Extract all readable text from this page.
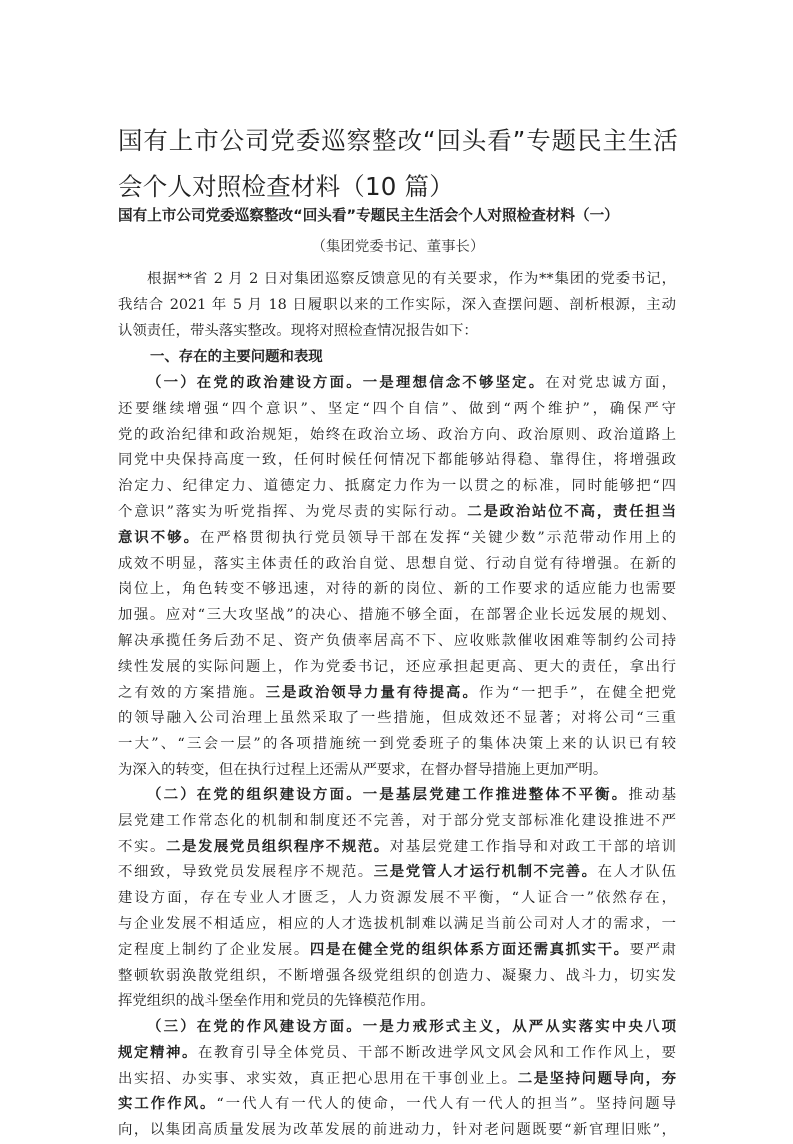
国有上市公司党委巡察整改“回头看”专题民主生活
会个人对照检查材料（10 篇）
国有上市公司党委巡察整改“回头看”专题民主生活会个人对照检查材料（一）
（集团党委书记、董事长）
根据**省 2 月 2 日对集团巡察反馈意见的有关要求，作为**集团的党委书记，
我结合 2021 年 5 月 18 日履职以来的工作实际，深入查摆问题、剖析根源，主动
认领责任，带头落实整改。现将对照检查情况报告如下：
一、存在的主要问题和表现
（一）在党的政治建设方面。一是理想信念不够坚定。在对党忠诚方面，
还要继续增强“四个意识”、坚定“四个自信”、做到“两个维护”，确保严守
党的政治纪律和政治规矩，始终在政治立场、政治方向、政治原则、政治道路上
同党中央保持高度一致，任何时候任何情况下都能够站得稳、靠得住，将增强政
治定力、纪律定力、道德定力、抵腐定力作为一以贯之的标准，同时能够把“四
个意识”落实为听党指挥、为党尽责的实际行动。二是政治站位不高，责任担当
意识不够。在严格贯彻执行党员领导干部在发挥“关键少数”示范带动作用上的
成效不明显，落实主体责任的政治自觉、思想自觉、行动自觉有待增强。在新的
岗位上，角色转变不够迅速，对待的新的岗位、新的工作要求的适应能力也需要
加强。应对“三大攻坚战”的决心、措施不够全面，在部署企业长远发展的规划、
解决承揽任务后劲不足、资产负债率居高不下、应收账款催收困难等制约公司持
续性发展的实际问题上，作为党委书记，还应承担起更高、更大的责任，拿出行
之有效的方案措施。三是政治领导力量有待提高。作为“一把手”，在健全把党
的领导融入公司治理上虽然采取了一些措施，但成效还不显著；对将公司“三重
一大”、“三会一层”的各项措施统一到党委班子的集体决策上来的认识已有较
为深入的转变，但在执行过程上还需从严要求，在督办督导措施上更加严明。
（二）在党的组织建设方面。一是基层党建工作推进整体不平衡。推动基
层党建工作常态化的机制和制度还不完善，对于部分党支部标准化建设推进不严
不实。二是发展党员组织程序不规范。对基层党建工作指导和对政工干部的培训
不细致，导致党员发展程序不规范。三是党管人才运行机制不完善。在人才队伍
建设方面，存在专业人才匮乏，人力资源发展不平衡，“人证合一”依然存在，
与企业发展不相适应，相应的人才选拔机制难以满足当前公司对人才的需求，一
定程度上制约了企业发展。四是在健全党的组织体系方面还需真抓实干。要严肃
整顿软弱涣散党组织，不断增强各级党组织的创造力、凝聚力、战斗力，切实发
挥党组织的战斗堡垒作用和党员的先锋模范作用。
（三）在党的作风建设方面。一是力戒形式主义，从严从实落实中央八项
规定精神。在教育引导全体党员、干部不断改进学风文风会风和工作作风上，要
出实招、办实事、求实效，真正把心思用在干事创业上。二是坚持问题导向，夯
实工作作风。“一代人有一代人的使命，一代人有一代人的担当”。坚持问题导
向，以集团高质量发展为改革发展的前进动力，针对老问题既要“新官理旧账”，
